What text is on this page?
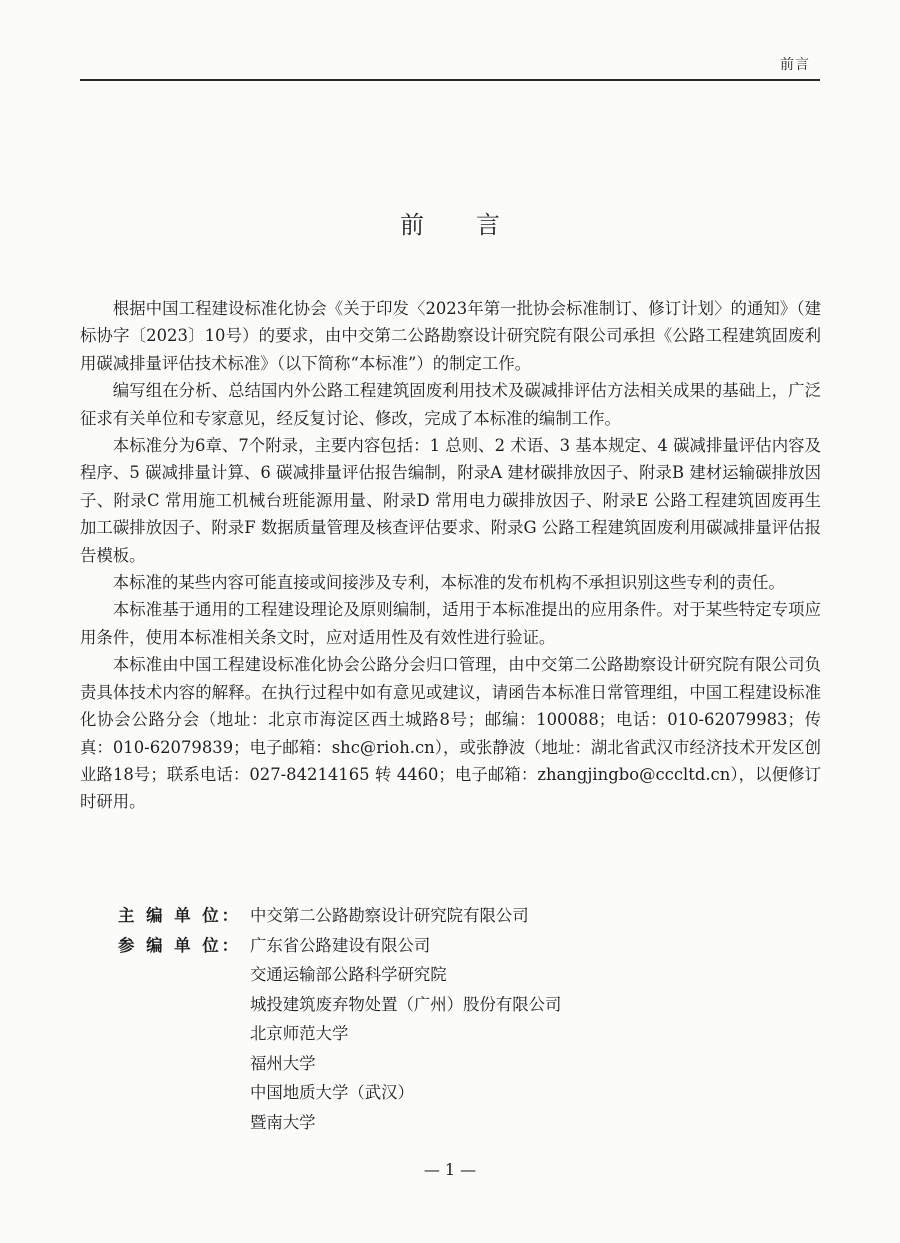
前言
前 言

根据中国工程建设标准化协会《关于印发〈2023年第一批协会标准制订、修订计划〉的通知》（建标协字〔2023〕10号）的要求，由中交第二公路勘察设计研究院有限公司承担《公路工程建筑固废利用碳减排量评估技术标准》（以下简称“本标准”）的制定工作。

编写组在分析、总结国内外公路工程建筑固废利用技术及碳减排评估方法相关成果的基础上，广泛征求有关单位和专家意见，经反复讨论、修改，完成了本标准的编制工作。

本标准分为6章、7个附录，主要内容包括：1 总则、2 术语、3 基本规定、4 碳减排量评估内容及程序、5 碳减排量计算、6 碳减排量评估报告编制，附录A 建材碳排放因子、附录B 建材运输碳排放因子、附录C 常用施工机械台班能源用量、附录D 常用电力碳排放因子、附录E 公路工程建筑固废再生加工碳排放因子、附录F 数据质量管理及核查评估要求、附录G 公路工程建筑固废利用碳减排量评估报告模板。

本标准的某些内容可能直接或间接涉及专利，本标准的发布机构不承担识别这些专利的责任。

本标准基于通用的工程建设理论及原则编制，适用于本标准提出的应用条件。对于某些特定专项应用条件，使用本标准相关条文时，应对适用性及有效性进行验证。

本标准由中国工程建设标准化协会公路分会归口管理，由中交第二公路勘察设计研究院有限公司负责具体技术内容的解释。在执行过程中如有意见或建议，请函告本标准日常管理组，中国工程建设标准化协会公路分会（地址：北京市海淀区西土城路8号；邮编：100088；电话：010-62079983；传真：010-62079839；电子邮箱：shc@rioh.cn），或张静波（地址：湖北省武汉市经济技术开发区创业路18号；联系电话：027-84214165 转 4460；电子邮箱：zhangjingbo@cccltd.cn），以便修订时研用。

主 编 单 位： 中交第二公路勘察设计研究院有限公司
参 编 单 位： 广东省公路建设有限公司
交通运输部公路科学研究院
城投建筑废弃物处置（广州）股份有限公司
北京师范大学
福州大学
中国地质大学（武汉）
暨南大学
— 1 —
